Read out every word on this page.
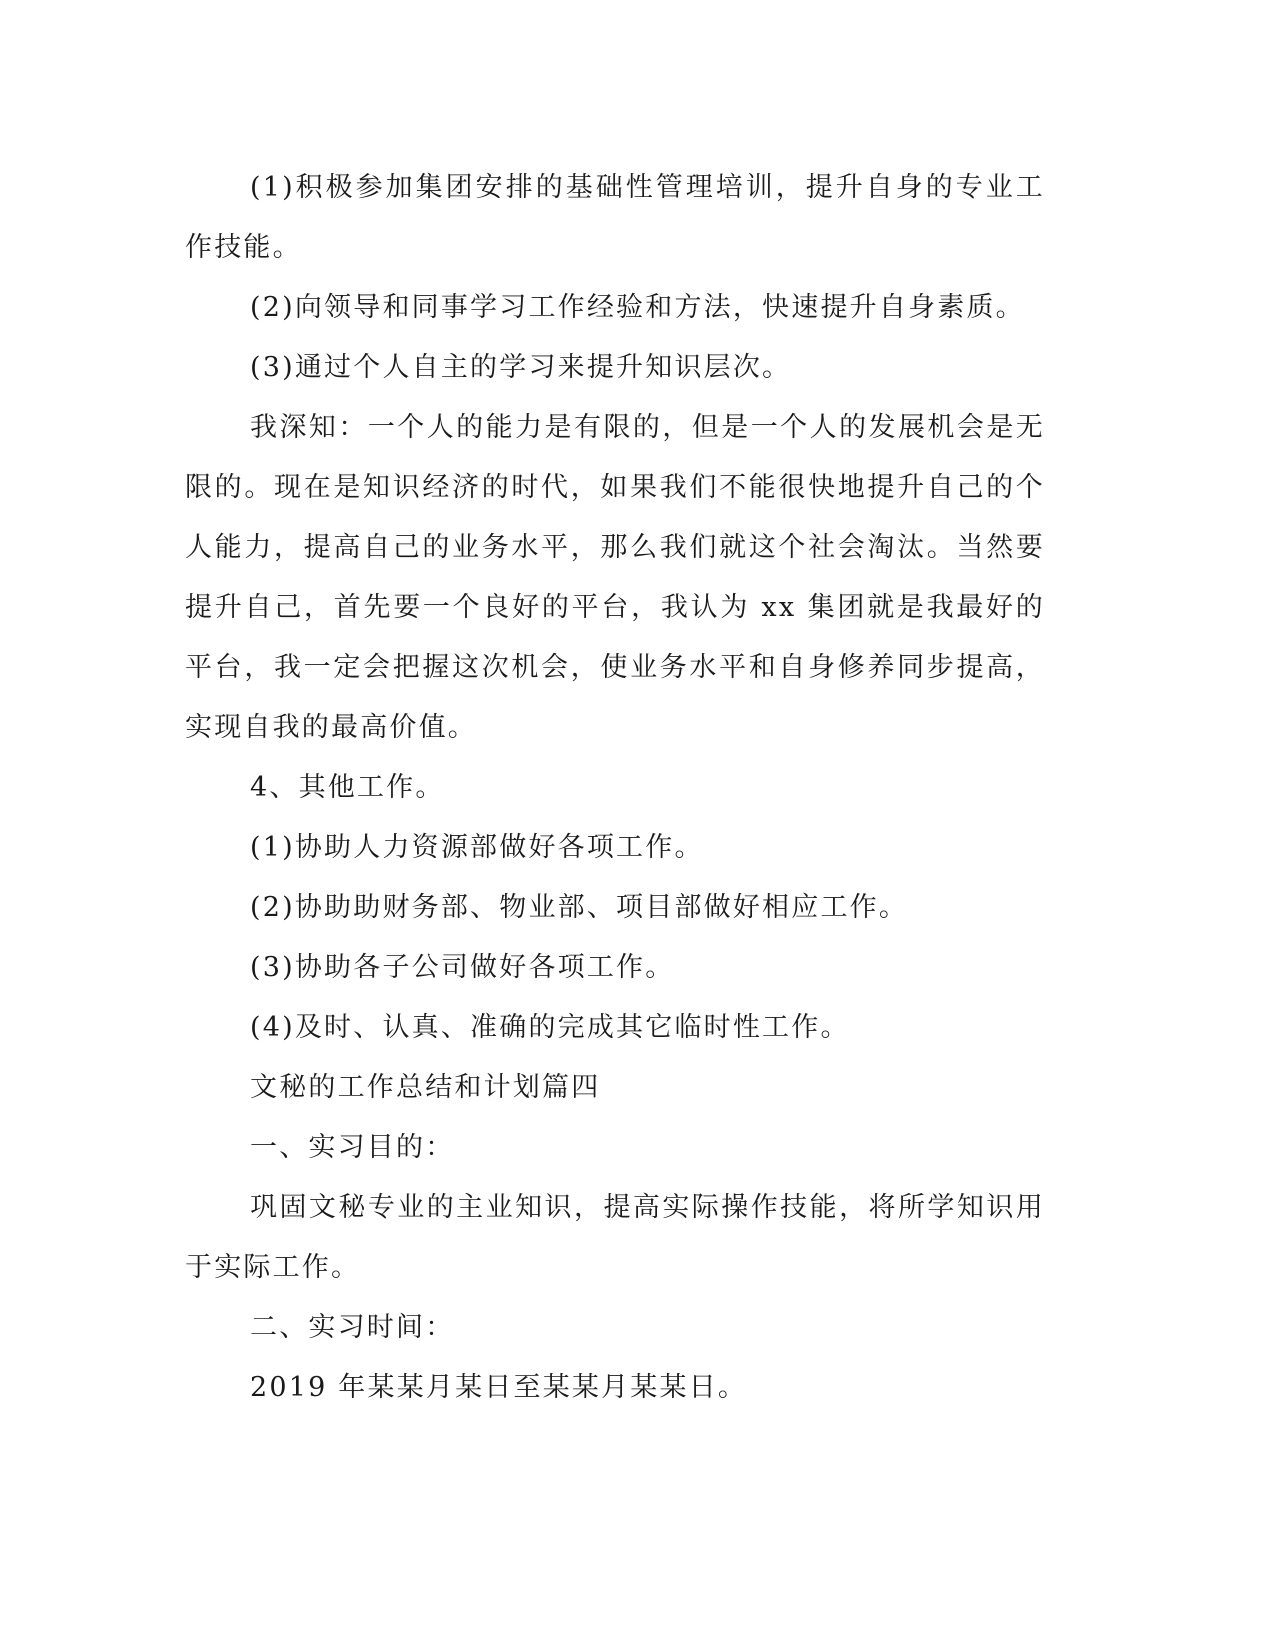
(1)积极参加集团安排的基础性管理培训，提升自身的专业工作技能。

(2)向领导和同事学习工作经验和方法，快速提升自身素质。

(3)通过个人自主的学习来提升知识层次。

我深知：一个人的能力是有限的，但是一个人的发展机会是无限的。现在是知识经济的时代，如果我们不能很快地提升自己的个人能力，提高自己的业务水平，那么我们就这个社会淘汰。当然要提升自己，首先要一个良好的平台，我认为 xx 集团就是我最好的平台，我一定会把握这次机会，使业务水平和自身修养同步提高，实现自我的最高价值。

4、其他工作。

(1)协助人力资源部做好各项工作。

(2)协助助财务部、物业部、项目部做好相应工作。

(3)协助各子公司做好各项工作。

(4)及时、认真、准确的完成其它临时性工作。

文秘的工作总结和计划篇四

一、实习目的：

巩固文秘专业的主业知识，提高实际操作技能，将所学知识用于实际工作。

二、实习时间：

2019 年某某月某日至某某月某某日。
